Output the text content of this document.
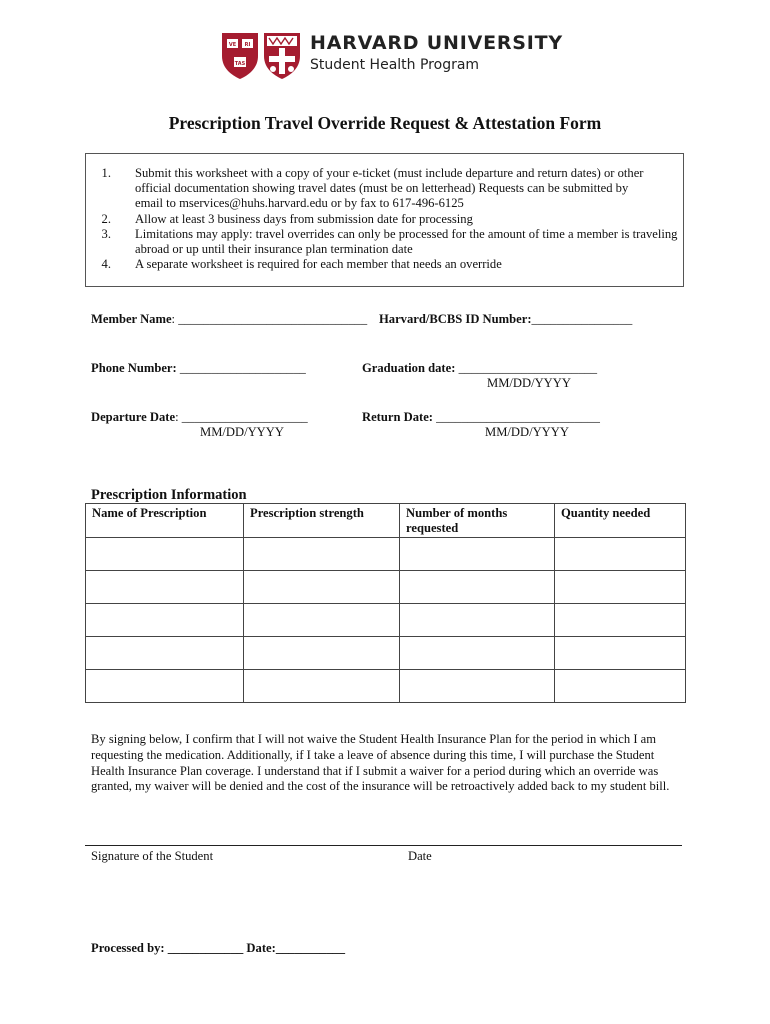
VE RI
TAS
HARVARD UNIVERSITY
Student Health Program
Prescription Travel Override Request & Attestation Form
1. Submit this worksheet with a copy of your e-ticket (must include departure and return dates) or other
official documentation showing travel dates (must be on letterhead) Requests can be submitted by
email to mservices@huhs.harvard.edu or by fax to 617-496-6125
2. Allow at least 3 business days from submission date for processing
3. Limitations may apply: travel overrides can only be processed for the amount of time a member is traveling
abroad or up until their insurance plan termination date
4. A separate worksheet is required for each member that needs an override
Member Name: ______________________________ Harvard/BCBS ID Number:________________
Phone Number: ____________________	Graduation date: ______________________
MM/DD/YYYY
Departure Date: ____________________
MM/DD/YYYY
Return Date: __________________________
MM/DD/YYYY
Prescription Information
Name of Prescription	Prescription strength	Number of months requested	Quantity needed

By signing below, I confirm that I will not waive the Student Health Insurance Plan for the period in which I am requesting the medication. Additionally, if I take a leave of absence during this time, I will purchase the Student Health Insurance Plan coverage. I understand that if I submit a waiver for a period during which an override was granted, my waiver will be denied and the cost of the insurance will be retroactively added back to my student bill.
Signature of the Student	Date
Processed by: ____________ Date:___________
